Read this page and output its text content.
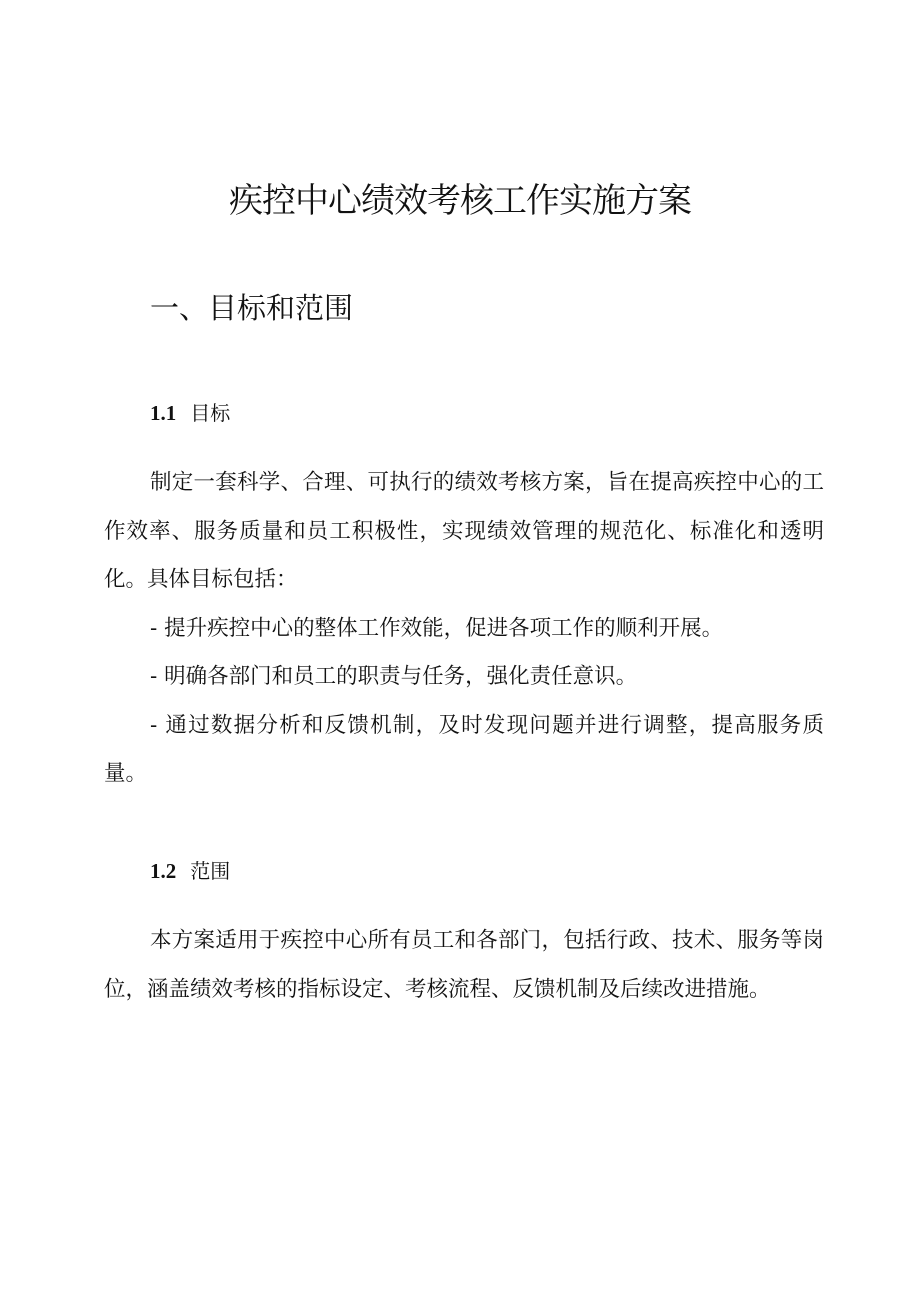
疾控中心绩效考核工作实施方案
一、目标和范围
1.1 目标

制定一套科学、合理、可执行的绩效考核方案，旨在提高疾控中心的工作效率、服务质量和员工积极性，实现绩效管理的规范化、标准化和透明化。具体目标包括：

- 提升疾控中心的整体工作效能，促进各项工作的顺利开展。

- 明确各部门和员工的职责与任务，强化责任意识。

- 通过数据分析和反馈机制，及时发现问题并进行调整，提高服务质量。

1.2 范围

本方案适用于疾控中心所有员工和各部门，包括行政、技术、服务等岗位，涵盖绩效考核的指标设定、考核流程、反馈机制及后续改进措施。
